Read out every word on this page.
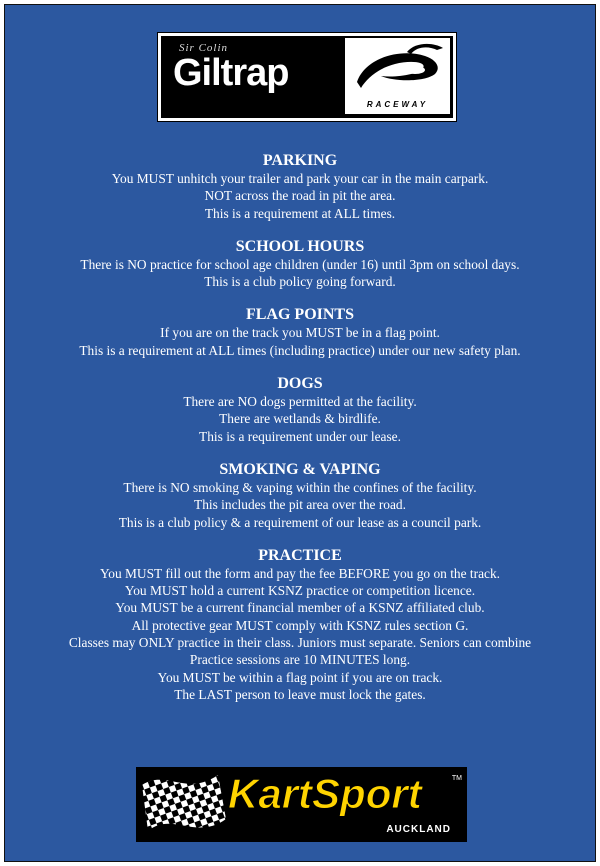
Sir Colin
Giltrap
RACEWAY
PARKING
You MUST unhitch your trailer and park your car in the main carpark.
NOT across the road in pit the area.
This is a requirement at ALL times.
SCHOOL HOURS
There is NO practice for school age children (under 16) until 3pm on school days.
This is a club policy going forward.
FLAG POINTS
If you are on the track you MUST be in a flag point.
This is a requirement at ALL times (including practice) under our new safety plan.
DOGS
There are NO dogs permitted at the facility.
There are wetlands & birdlife.
This is a requirement under our lease.
SMOKING & VAPING
There is NO smoking & vaping within the confines of the facility.
This includes the pit area over the road.
This is a club policy & a requirement of our lease as a council park.
PRACTICE
You MUST fill out the form and pay the fee BEFORE you go on the track.
You MUST hold a current KSNZ practice or competition licence.
You MUST be a current financial member of a KSNZ affiliated club.
All protective gear MUST comply with KSNZ rules section G.
Classes may ONLY practice in their class. Juniors must separate. Seniors can combine
Practice sessions are 10 MINUTES long.
You MUST be within a flag point if you are on track.
The LAST person to leave must lock the gates.
KartSport	TM
AUCKLAND
